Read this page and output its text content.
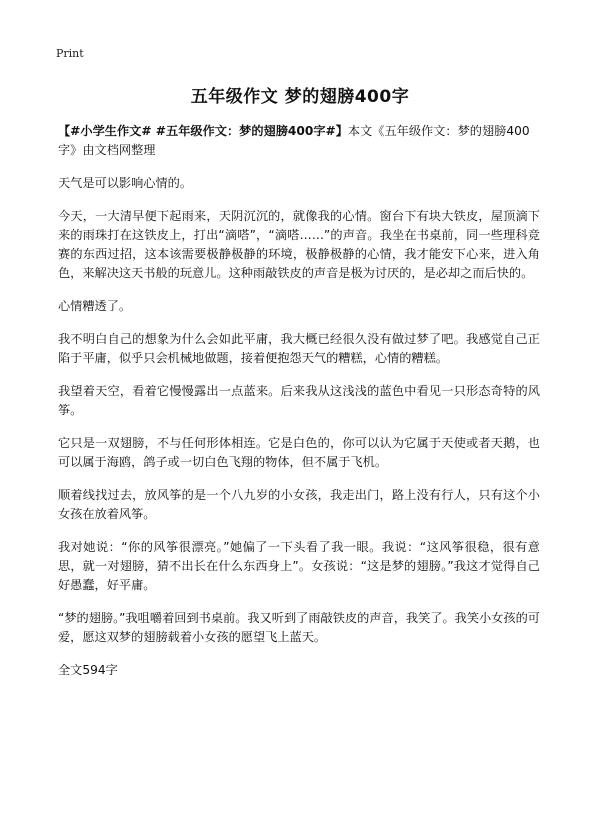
Print
五年级作文 梦的翅膀400字

【#小学生作文# #五年级作文：梦的翅膀400字#】本文《五年级作文：梦的翅膀400字》由文档网整理

天气是可以影响心情的。

今天，一大清早便下起雨来，天阴沉沉的，就像我的心情。窗台下有块大铁皮，屋顶滴下来的雨珠打在这铁皮上，打出“滴嗒”，“滴嗒……”的声音。我坐在书桌前，同一些理科竞赛的东西过招，这本该需要极静极静的环境，极静极静的心情，我才能安下心来，进入角色，来解决这天书般的玩意儿。这种雨敲铁皮的声音是极为讨厌的，是必却之而后快的。

心情糟透了。

我不明白自己的想象为什么会如此平庸，我大概已经很久没有做过梦了吧。我感觉自己正陷于平庸，似乎只会机械地做题，接着便抱怨天气的糟糕，心情的糟糕。

我望着天空，看着它慢慢露出一点蓝来。后来我从这浅浅的蓝色中看见一只形态奇特的风筝。

它只是一双翅膀，不与任何形体相连。它是白色的，你可以认为它属于天使或者天鹅，也可以属于海鸥，鸽子或一切白色飞翔的物体，但不属于飞机。

顺着线找过去，放风筝的是一个八九岁的小女孩，我走出门，路上没有行人，只有这个小女孩在放着风筝。

我对她说：“你的风筝很漂亮。”她偏了一下头看了我一眼。我说：“这风筝很稳，很有意思，就一对翅膀，猜不出长在什么东西身上”。女孩说：“这是梦的翅膀。”我这才觉得自己好愚蠢，好平庸。

“梦的翅膀。”我咀嚼着回到书桌前。我又听到了雨敲铁皮的声音，我笑了。我笑小女孩的可爱，愿这双梦的翅膀载着小女孩的愿望飞上蓝天。

全文594字
